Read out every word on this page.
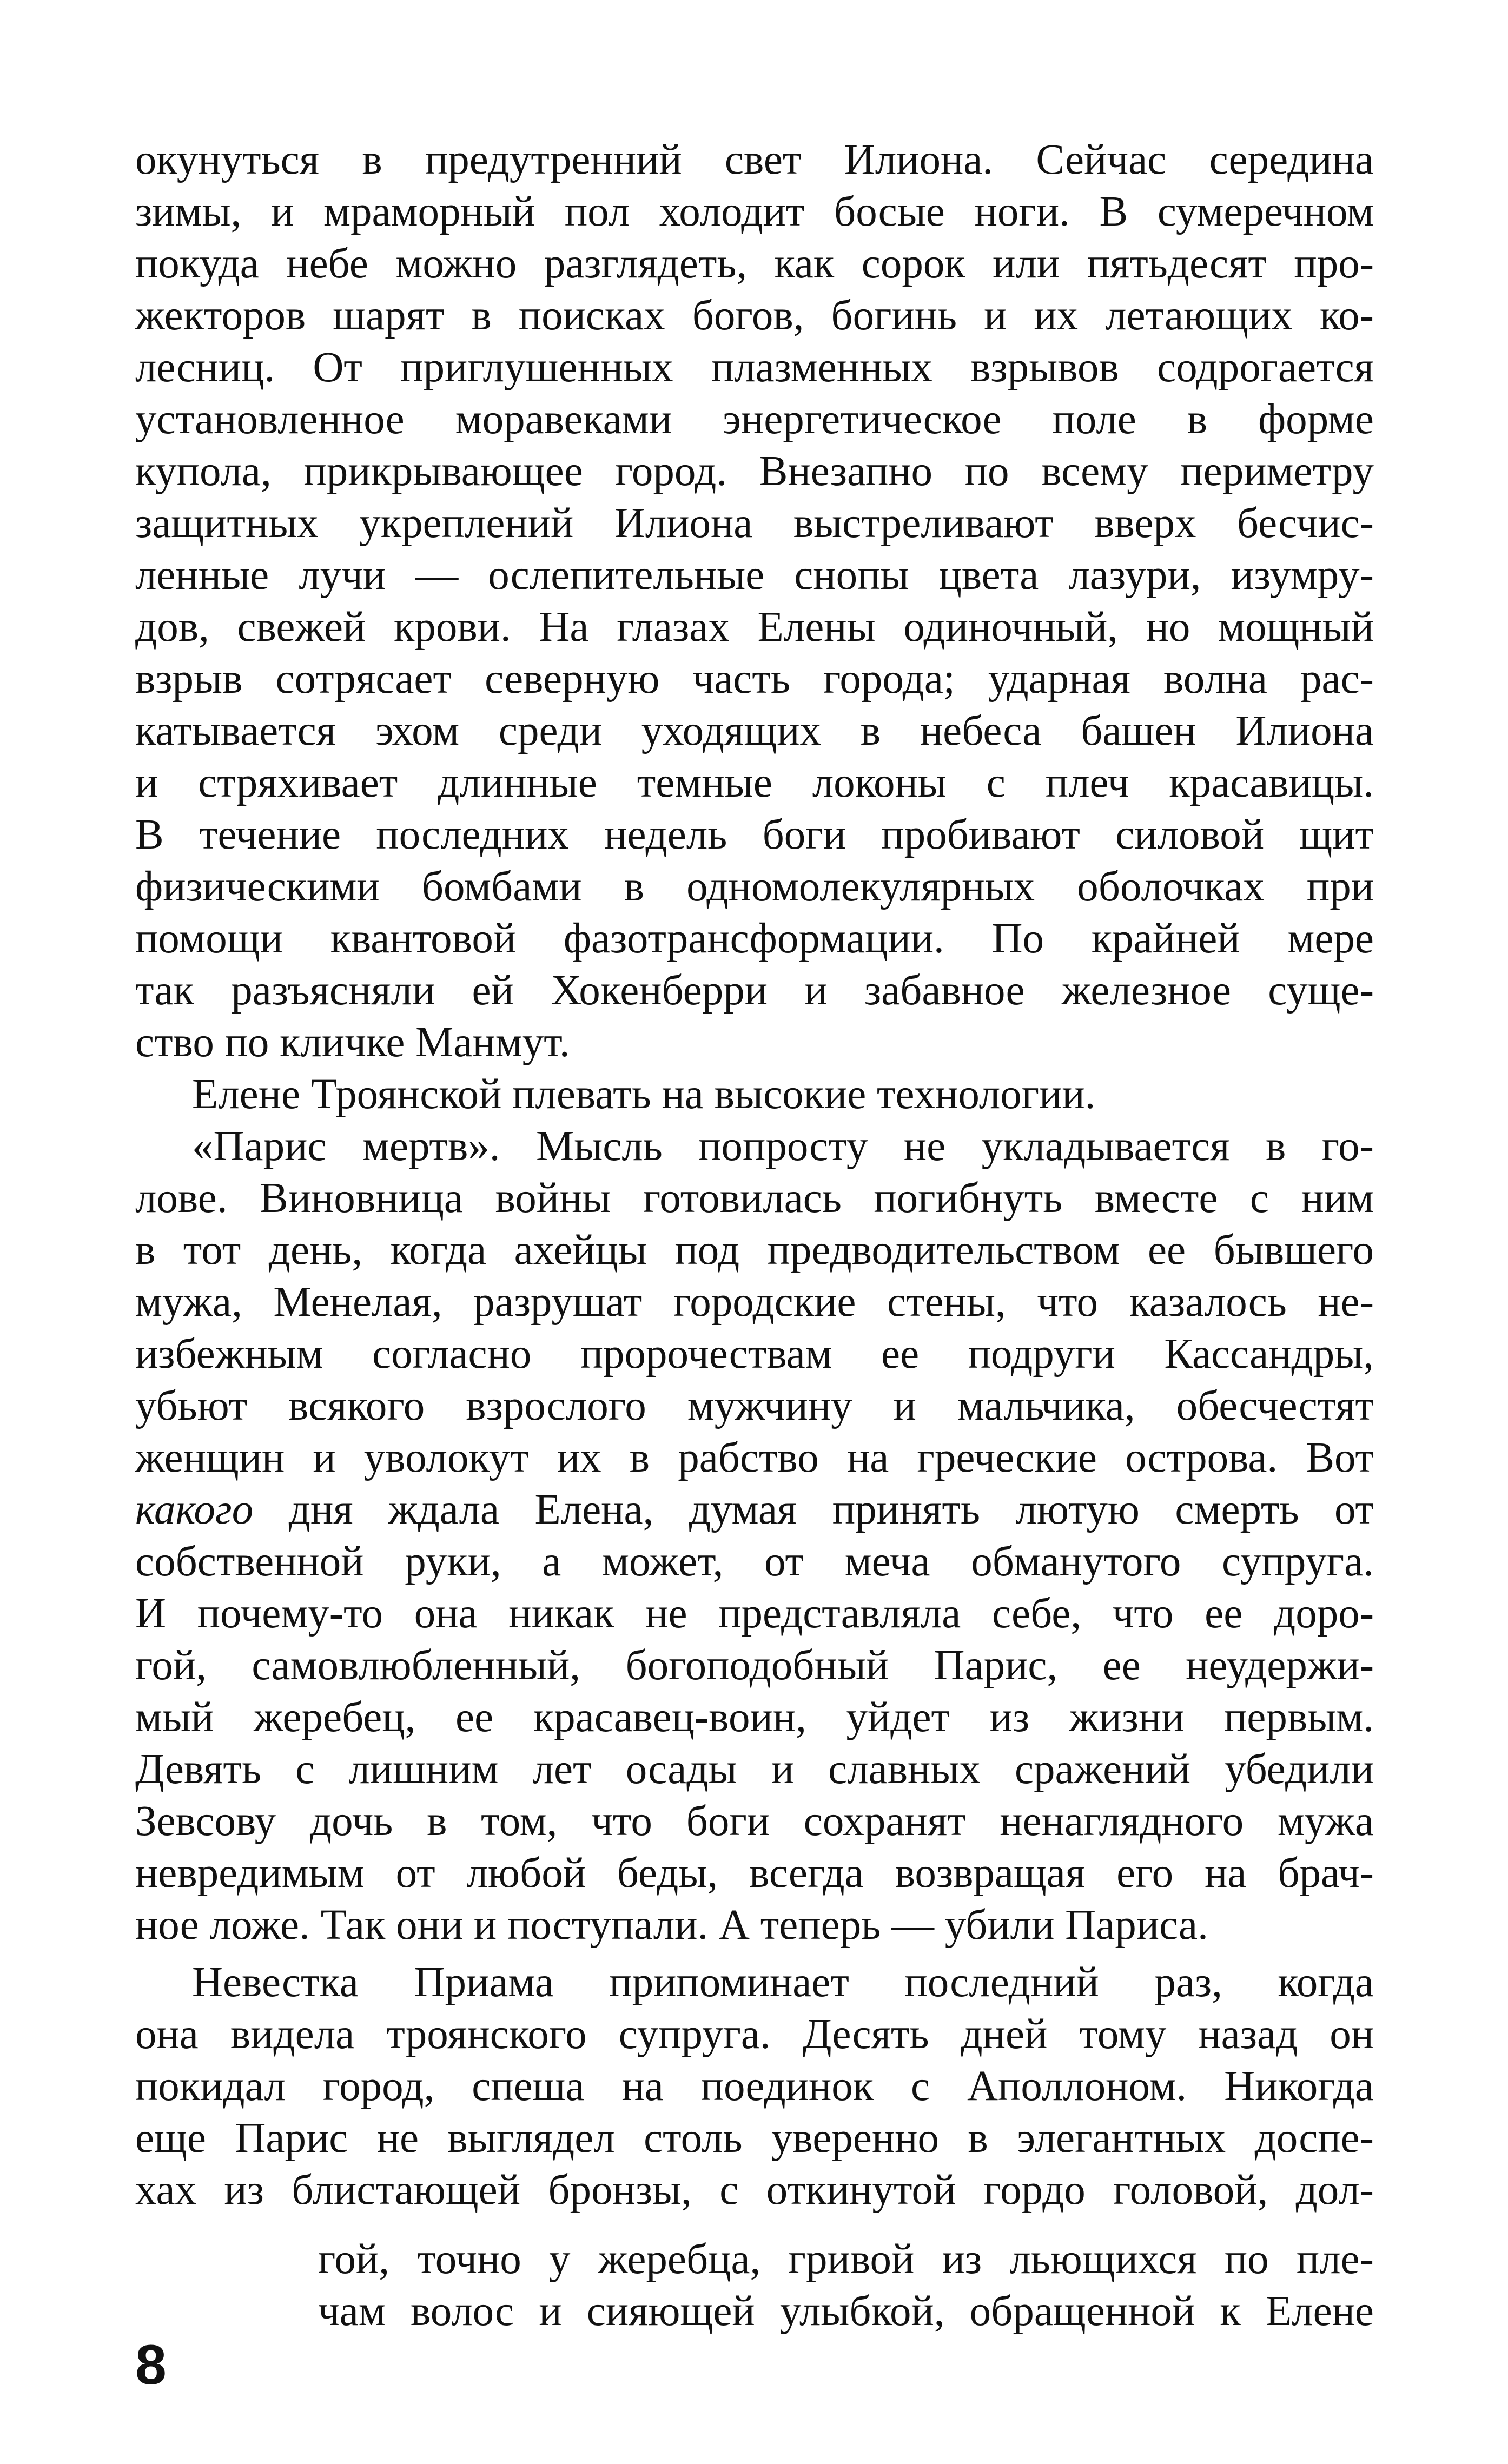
окунуться в предутренний свет Илиона. Сейчас середина
зимы, и мраморный пол холодит босые ноги. В сумеречном
покуда небе можно разглядеть, как сорок или пятьдесят про-
жекторов шарят в поисках богов, богинь и их летающих ко-
лесниц. От приглушенных плазменных взрывов содрогается
установленное моравеками энергетическое поле в форме
купола, прикрывающее город. Внезапно по всему периметру
защитных укреплений Илиона выстреливают вверх бесчис-
ленные лучи — ослепительные снопы цвета лазури, изумру-
дов, свежей крови. На глазах Елены одиночный, но мощный
взрыв сотрясает северную часть города; ударная волна рас-
катывается эхом среди уходящих в небеса башен Илиона
и стряхивает длинные темные локоны с плеч красавицы.
В течение последних недель боги пробивают силовой щит
физическими бомбами в одномолекулярных оболочках при
помощи квантовой фазотрансформации. По крайней мере
так разъясняли ей Хокенберри и забавное железное суще-
ство по кличке Манмут.
Елене Троянской плевать на высокие технологии.
«Парис мертв». Мысль попросту не укладывается в го-
лове. Виновница войны готовилась погибнуть вместе с ним
в тот день, когда ахейцы под предводительством ее бывшего
мужа, Менелая, разрушат городские стены, что казалось не-
избежным согласно пророчествам ее подруги Кассандры,
убьют всякого взрослого мужчину и мальчика, обесчестят
женщин и уволокут их в рабство на греческие острова. Вот
какого дня ждала Елена, думая принять лютую смерть от
собственной руки, а может, от меча обманутого супруга.
И почему-то она никак не представляла себе, что ее доро-
гой, самовлюбленный, богоподобный Парис, ее неудержи-
мый жеребец, ее красавец-воин, уйдет из жизни первым.
Девять с лишним лет осады и славных сражений убедили
Зевсову дочь в том, что боги сохранят ненаглядного мужа
невредимым от любой беды, всегда возвращая его на брач-
ное ложе. Так они и поступали. А теперь — убили Париса.
Невестка Приама припоминает последний раз, когда
она видела троянского супруга. Десять дней тому назад он
покидал город, спеша на поединок с Аполлоном. Никогда
еще Парис не выглядел столь уверенно в элегантных доспе-
хах из блистающей бронзы, с откинутой гордо головой, дол-
гой, точно у жеребца, гривой из льющихся по пле-
чам волос и сияющей улыбкой, обращенной к Елене
8
